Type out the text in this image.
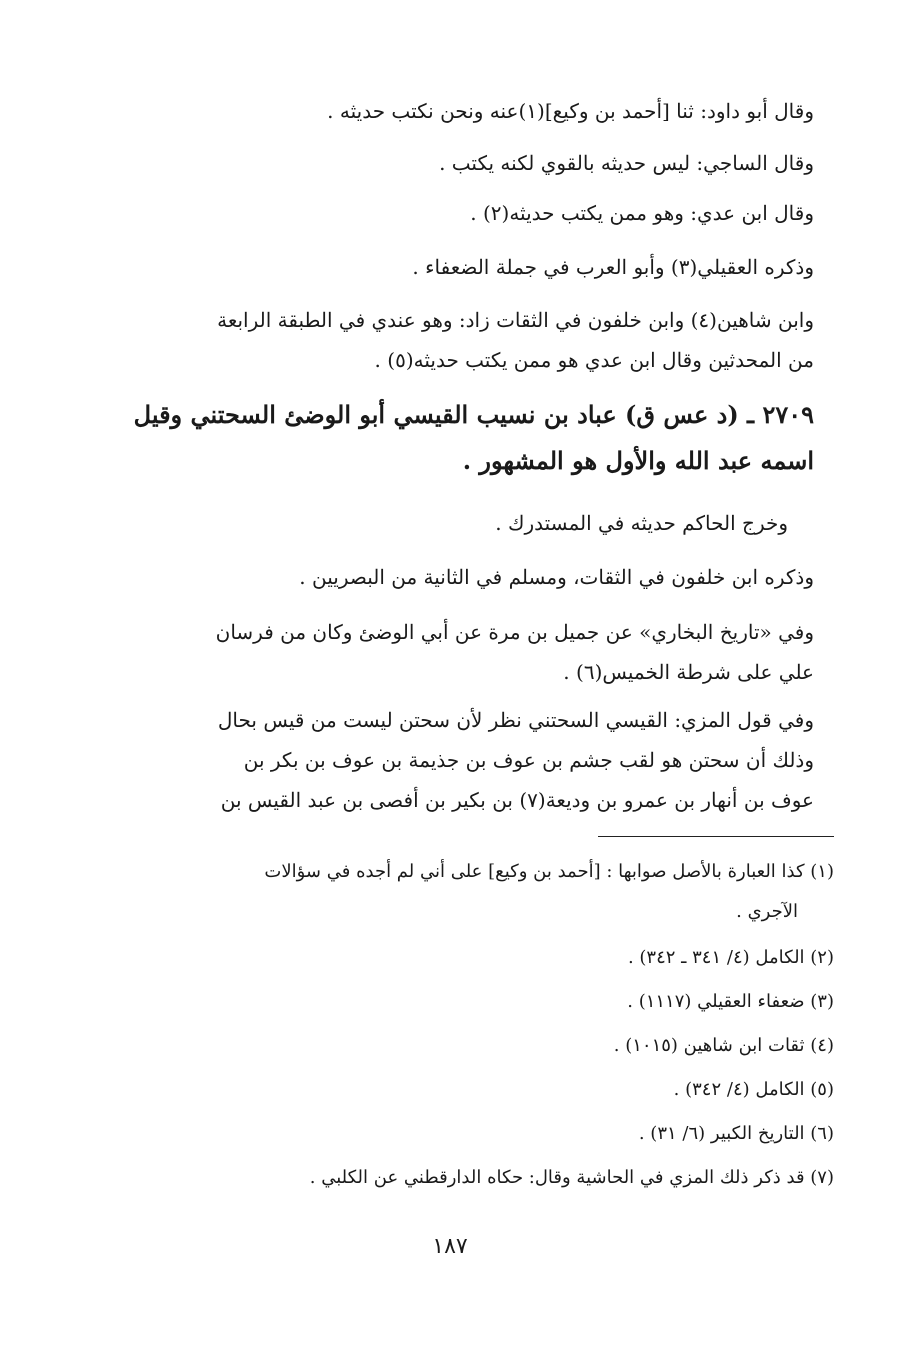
وقال أبو داود: ثنا [أحمد بن وكيع](١)عنه ونحن نكتب حديثه .
وقال الساجي: ليس حديثه بالقوي لكنه يكتب .
وقال ابن عدي: وهو ممن يكتب حديثه(٢) .
وذكره العقيلي(٣) وأبو العرب في جملة الضعفاء .
وابن شاهين(٤) وابن خلفون في الثقات زاد: وهو عندي في الطبقة الرابعة
من المحدثين وقال ابن عدي هو ممن يكتب حديثه(٥) .
٢٧٠٩ ـ (د عس ق) عباد بن نسيب القيسي أبو الوضئ السحتني وقيل
اسمه عبد الله والأول هو المشهور .
وخرج الحاكم حديثه في المستدرك .
وذكره ابن خلفون في الثقات، ومسلم في الثانية من البصريين .
وفي «تاريخ البخاري» عن جميل بن مرة عن أبي الوضئ وكان من فرسان
علي على شرطة الخميس(٦) .
وفي قول المزي: القيسي السحتني نظر لأن سحتن ليست من قيس بحال
وذلك أن سحتن هو لقب جشم بن عوف بن جذيمة بن عوف بن بكر بن
عوف بن أنهار بن عمرو بن وديعة(٧) بن بكير بن أفصى بن عبد القيس بن
(١) كذا العبارة بالأصل صوابها : [أحمد بن وكيع] على أني لم أجده في سؤالات
الآجري .
(٢) الكامل (٤/ ٣٤١ ـ ٣٤٢) .
(٣) ضعفاء العقيلي (١١١٧) .
(٤) ثقات ابن شاهين (١٠١٥) .
(٥) الكامل (٤/ ٣٤٢) .
(٦) التاريخ الكبير (٦/ ٣١) .
(٧) قد ذكر ذلك المزي في الحاشية وقال: حكاه الدارقطني عن الكلبي .
١٨٧
